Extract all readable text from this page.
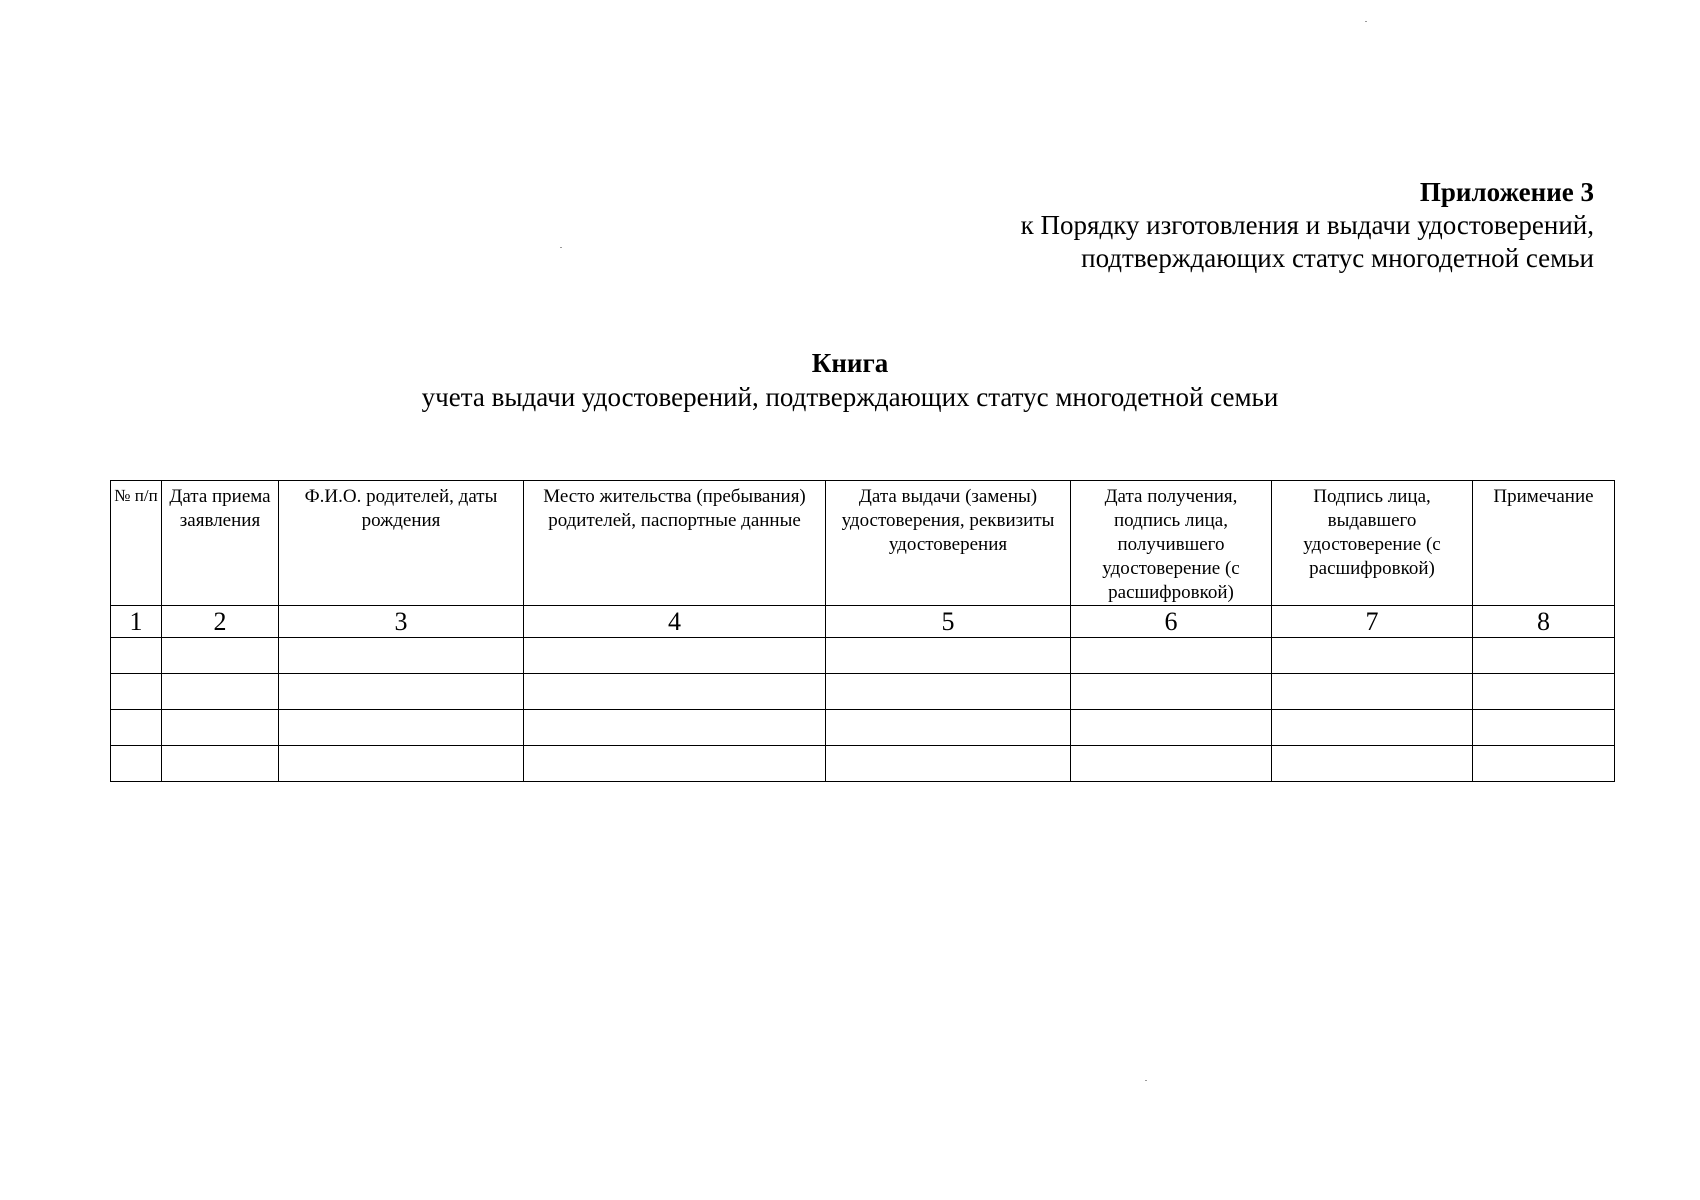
Приложение 3
к Порядку изготовления и выдачи удостоверений,
подтверждающих статус многодетной семьи
Книга
учета выдачи удостоверений, подтверждающих статус многодетной семьи
№ п/п	Дата приема заявления	Ф.И.О. родителей, даты рождения	Место жительства (пребывания) родителей, паспортные данные	Дата выдачи (замены) удостоверения, реквизиты удостоверения	Дата получения, подпись лица, получившего удостоверение (с расшифровкой)	Подпись лица, выдавшего удостоверение (с расшифровкой)	Примечание
1	2	3	4	5	6	7	8
